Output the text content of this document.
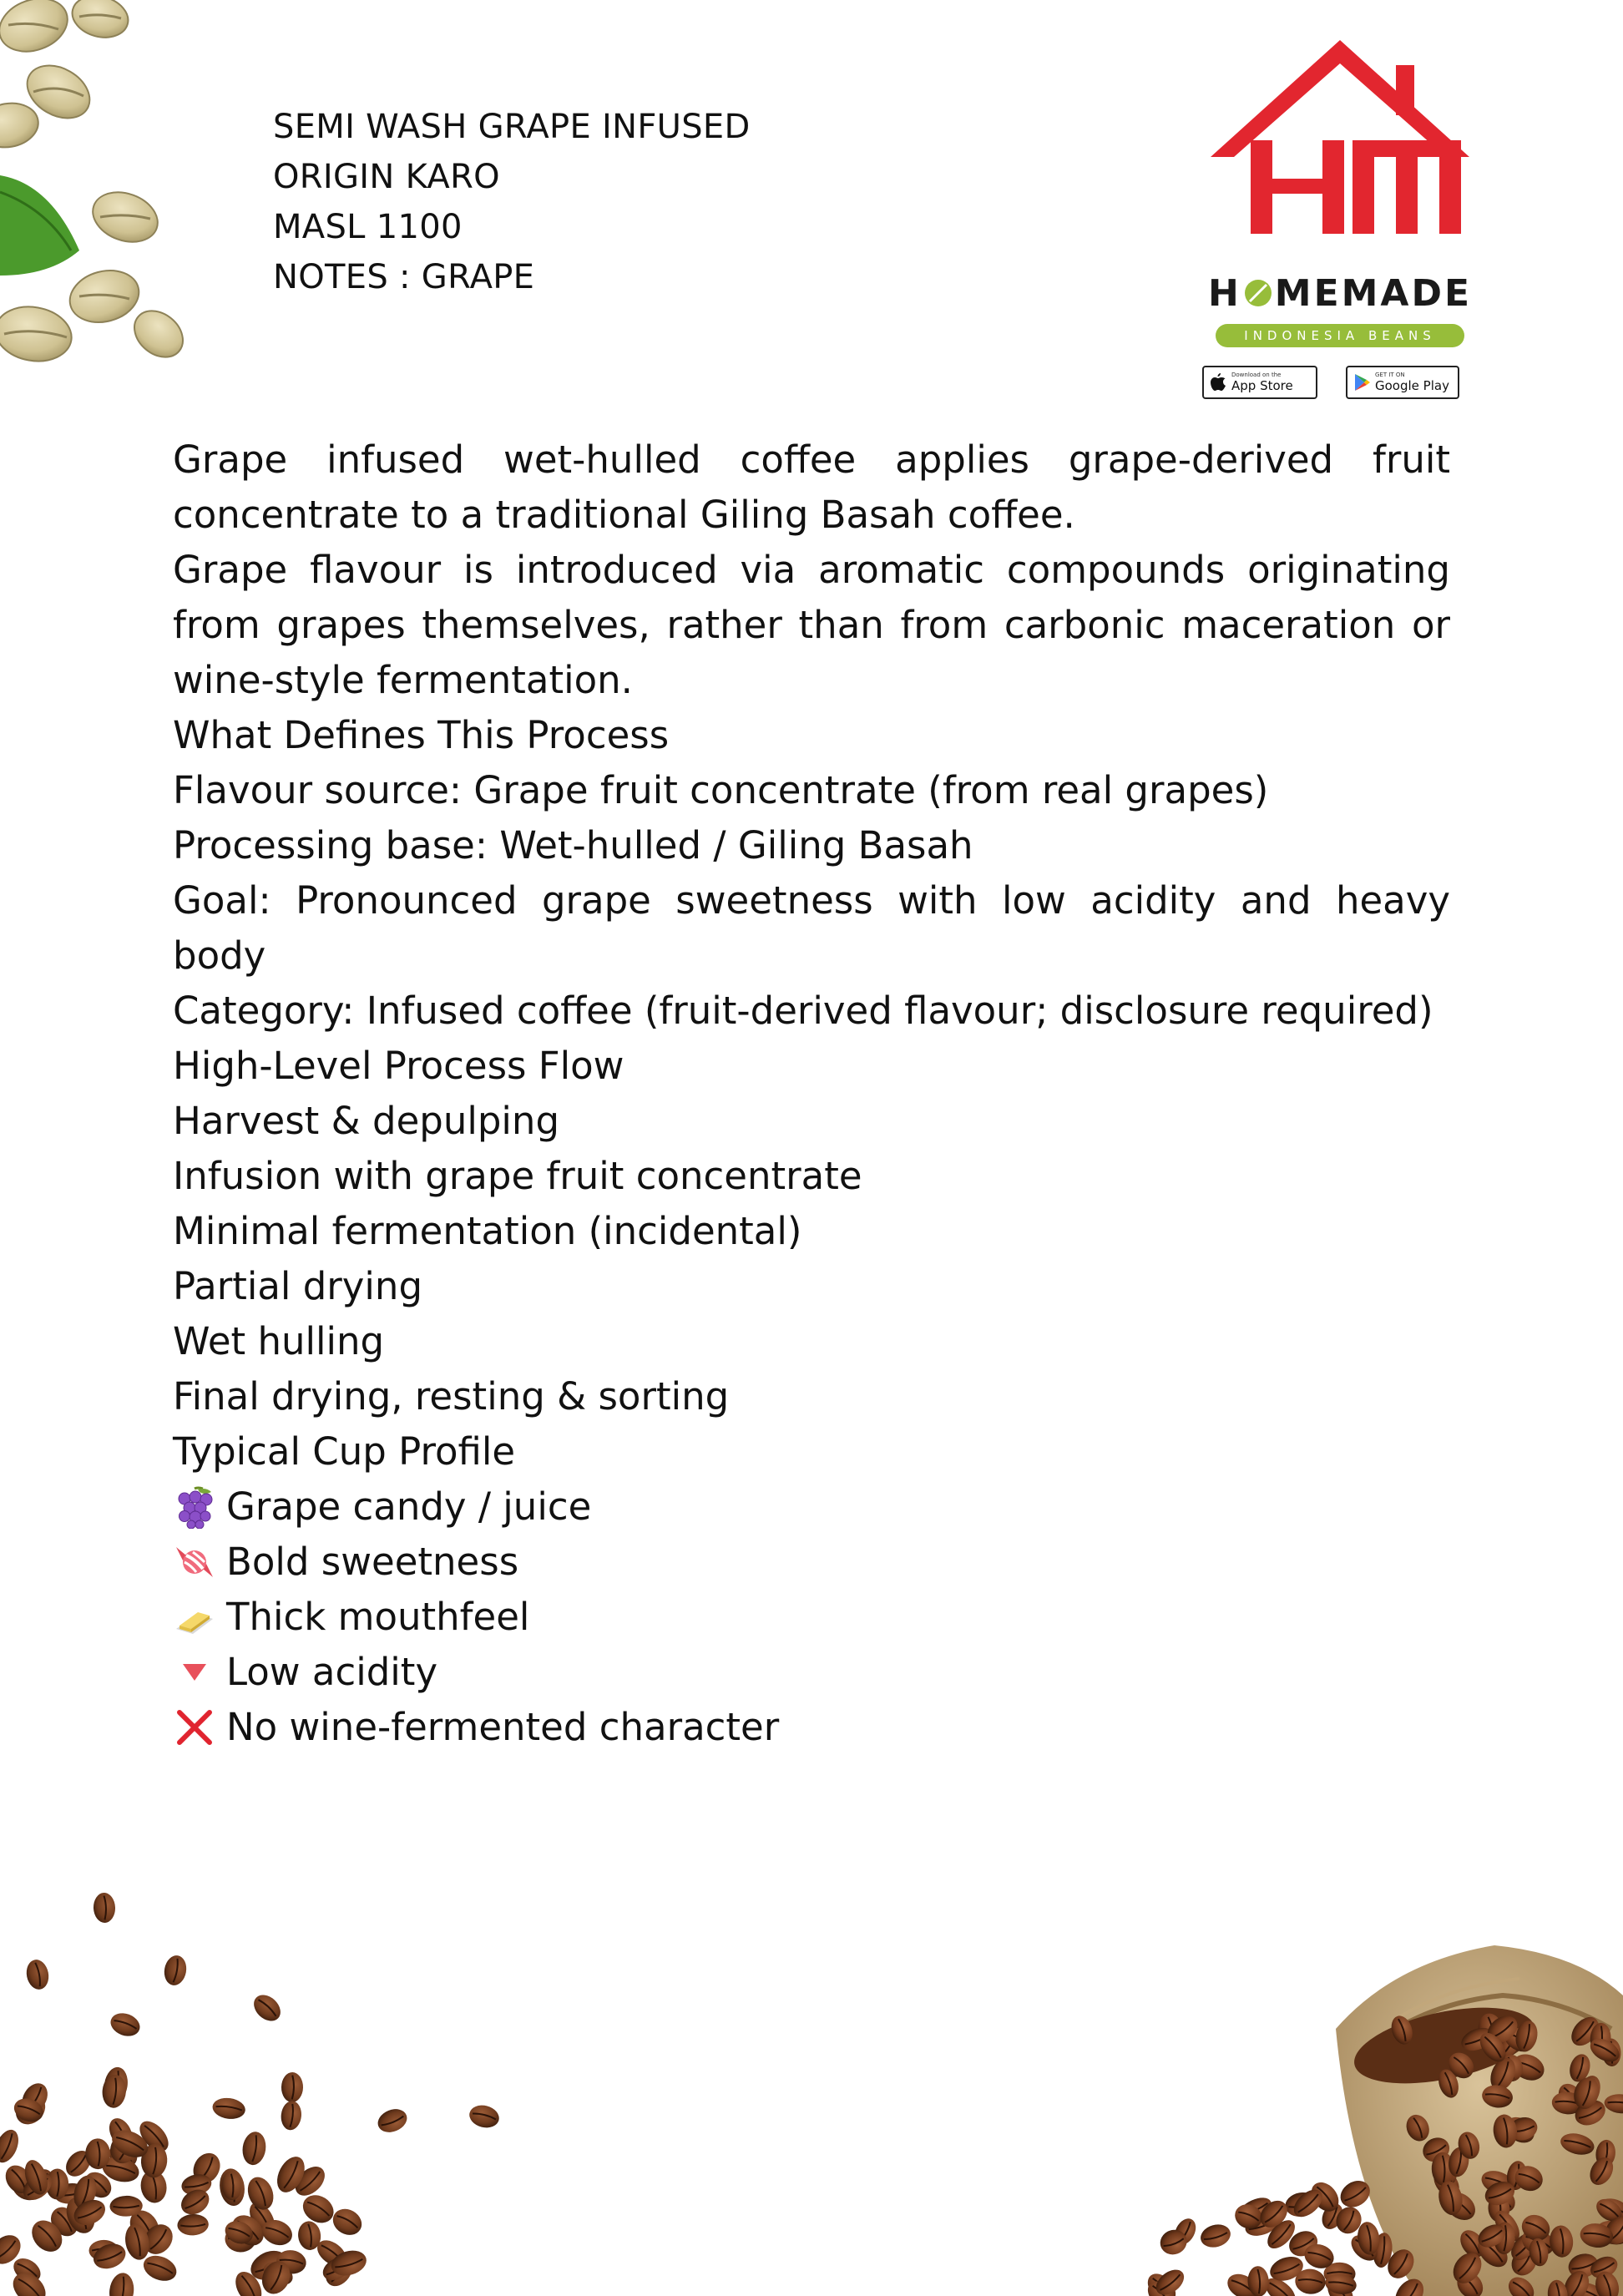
SEMI WASH GRAPE INFUSED
ORIGIN KARO
MASL 1100
NOTES : GRAPE	H MEMADE
INDONESIA BEANS
Download on the
App Store
GET IT ON
Google Play
Grape infused wet-hulled coffee applies grape-derived fruit concentrate to a traditional Giling Basah coffee.
Grape flavour is introduced via aromatic compounds originating from grapes themselves, rather than from carbonic maceration or wine-style fermentation.
What Defines This Process
Flavour source: Grape fruit concentrate (from real grapes)
Processing base: Wet-hulled / Giling Basah
Goal: Pronounced grape sweetness with low acidity and heavy body
Category: Infused coffee (fruit-derived flavour; disclosure required)
High-Level Process Flow
Harvest & depulping
Infusion with grape fruit concentrate
Minimal fermentation (incidental)
Partial drying
Wet hulling
Final drying, resting & sorting
Typical Cup Profile
Grape candy / juice
Bold sweetness
Thick mouthfeel
Low acidity
No wine-fermented character
